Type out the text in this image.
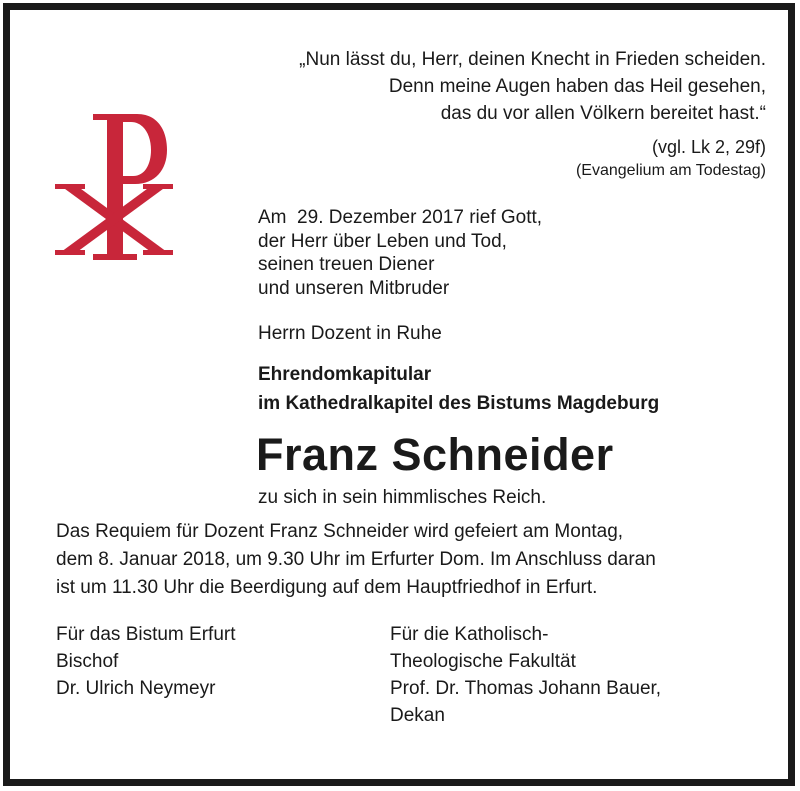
„Nun lässt du, Herr, deinen Knecht in Frieden scheiden.
Denn meine Augen haben das Heil gesehen,
das du vor allen Völkern bereitet hast.“
(vgl. Lk 2, 29f)
(Evangelium am Todestag)
Am  29. Dezember 2017 rief Gott,
der Herr über Leben und Tod,
seinen treuen Diener
und unseren Mitbruder
Herrn Dozent in Ruhe
Ehrendomkapitular
im Kathedralkapitel des Bistums Magdeburg
Franz Schneider
zu sich in sein himmlisches Reich.
Das Requiem für Dozent Franz Schneider wird gefeiert am Montag,
dem 8. Januar 2018, um 9.30 Uhr im Erfurter Dom. Im Anschluss daran
ist um 11.30 Uhr die Beerdigung auf dem Hauptfriedhof in Erfurt.
Für das Bistum Erfurt
Bischof
Dr. Ulrich Neymeyr
Für die Katholisch-
Theologische Fakultät
Prof. Dr. Thomas Johann Bauer,
Dekan
